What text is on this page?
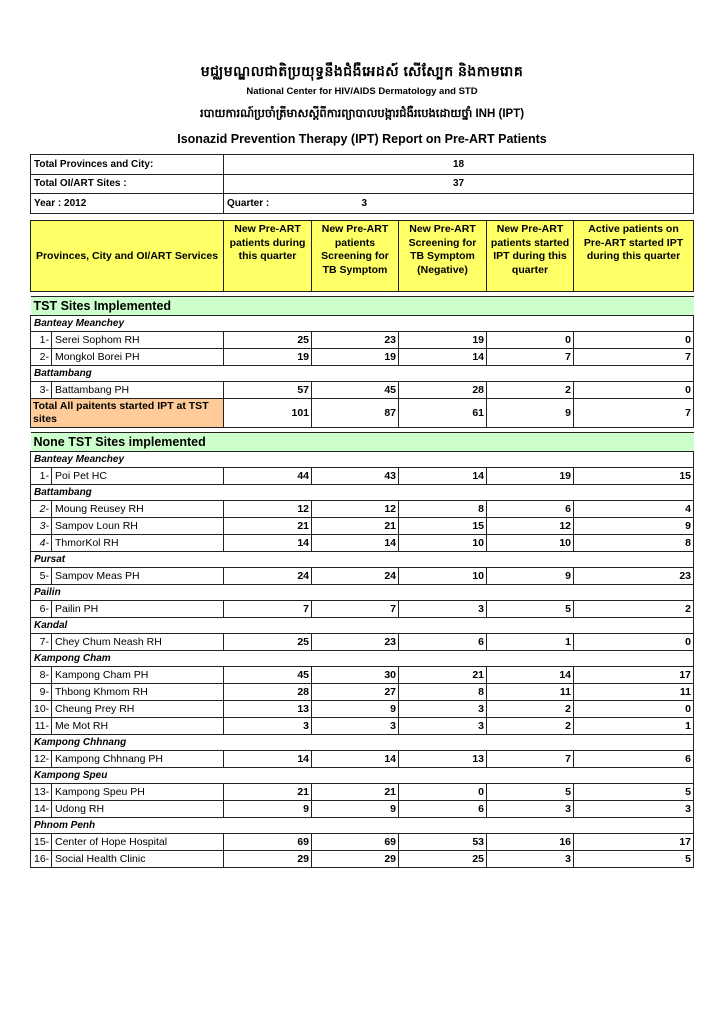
មជ្ឈមណ្ឌលជាតិប្រយុទ្ធនឹងជំងឺអេដស៍ សើស្បែក និងកាមរោគ
National Center for HIV/AIDS Dermatology and STD
របាយការណ៍ប្រចាំត្រីមាសស្តីពីការព្យាបាលបង្ការជំងឺរបេងដោយថ្នាំ INH (IPT)
Isonazid Prevention Therapy (IPT) Report on Pre-ART Patients
Total Provinces and City:	18	
Total OI/ART Sites :	37	
Year : 2012	Quarter :	3
Provinces, City and OI/ART Services		New Pre-ART patients during this quarter	New Pre-ART patients Screening for TB Symptom	New Pre-ART Screening for TB Symptom (Negative)	New Pre-ART patients started IPT during this quarter	Active patients on Pre-ART started IPT during this quarter

TST Sites Implemented						
Banteay Meanchey						
1-	Serei Sophom RH	25	23	19	0	0
2-	Mongkol Borei PH	19	19	14	7	7
Battambang						
3-	Battambang PH	57	45	28	2	0
Total All paitents started IPT at TST sites		101	87	61	9	7

None TST Sites implemented						
Banteay Meanchey						
1-	Poi Pet HC	44	43	14	19	15
Battambang						
2-	Moung Reusey RH	12	12	8	6	4
3-	Sampov Loun RH	21	21	15	12	9
4-	ThmorKol RH	14	14	10	10	8
Pursat						
5-	Sampov Meas PH	24	24	10	9	23
Pailin						
6-	Pailin PH	7	7	3	5	2
Kandal						
7-	Chey Chum Neash RH	25	23	6	1	0
Kampong Cham						
8-	Kampong Cham PH	45	30	21	14	17
9-	Thbong Khmom RH	28	27	8	11	11
10-	Cheung Prey RH	13	9	3	2	0
11-	Me Mot RH	3	3	3	2	1
Kampong Chhnang						
12-	Kampong Chhnang PH	14	14	13	7	6
Kampong Speu						
13-	Kampong Speu PH	21	21	0	5	5
14-	Udong RH	9	9	6	3	3
Phnom Penh						
15-	Center of Hope Hospital	69	69	53	16	17
16-	Social Health Clinic	29	29	25	3	5
